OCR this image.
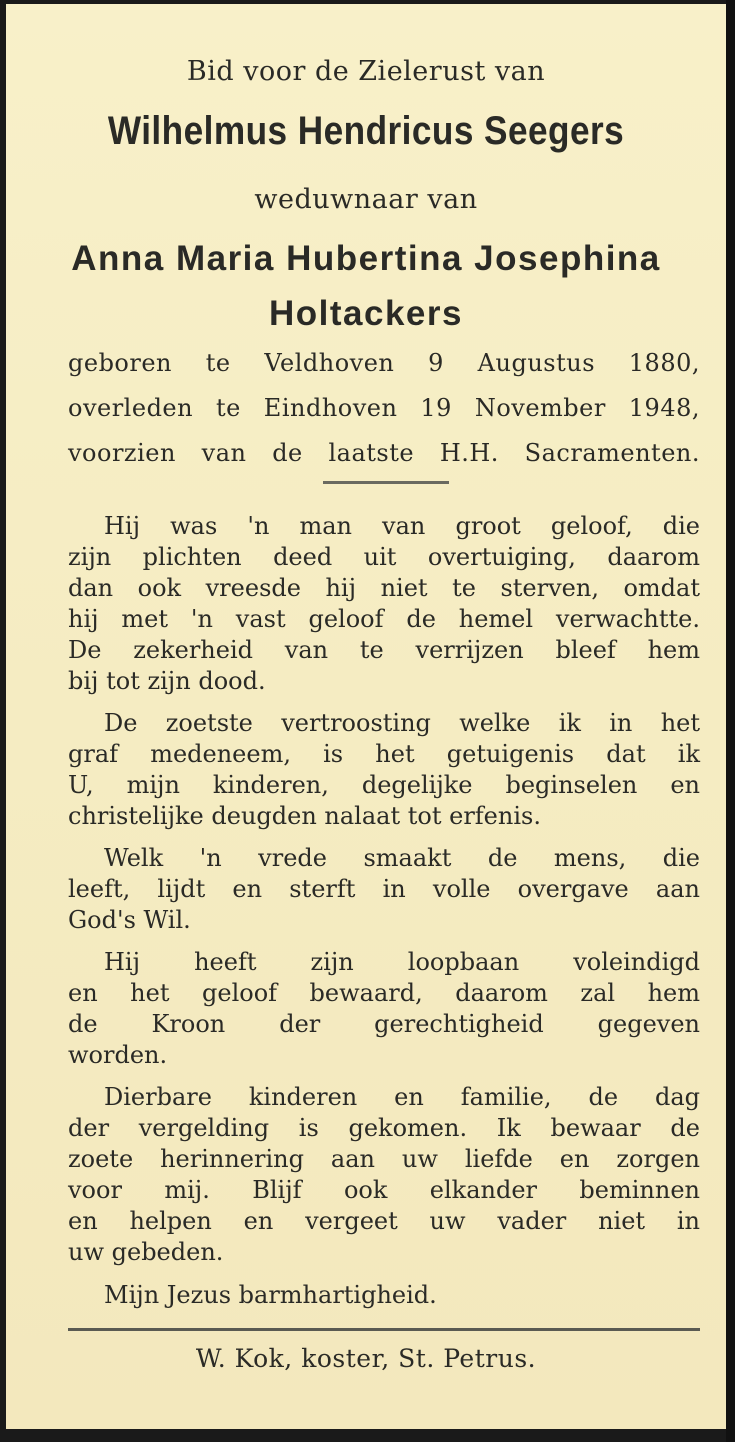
Bid voor de Zielerust van

Wilhelmus Hendricus Seegers

weduwnaar van

Anna Maria Hubertina Josephina

Holtackers

geboren te Veldhoven 9 Augustus 1880,

overleden te Eindhoven 19 November 1948,

voorzien van de laatste H.H. Sacramenten.

Hij was 'n man van groot geloof, die

zijn plichten deed uit overtuiging, daarom

dan ook vreesde hij niet te sterven, omdat

hij met 'n vast geloof de hemel verwachtte.

De zekerheid van te verrijzen bleef hem

bij tot zijn dood.

De zoetste vertroosting welke ik in het

graf medeneem, is het getuigenis dat ik

U, mijn kinderen, degelijke beginselen en

christelijke deugden nalaat tot erfenis.

Welk 'n vrede smaakt de mens, die

leeft, lijdt en sterft in volle overgave aan

God's Wil.

Hij heeft zijn loopbaan voleindigd

en het geloof bewaard, daarom zal hem

de Kroon der gerechtigheid gegeven

worden.

Dierbare kinderen en familie, de dag

der vergelding is gekomen. Ik bewaar de

zoete herinnering aan uw liefde en zorgen

voor mij. Blijf ook elkander beminnen

en helpen en vergeet uw vader niet in

uw gebeden.

Mijn Jezus barmhartigheid.

W. Kok, koster, St. Petrus.
